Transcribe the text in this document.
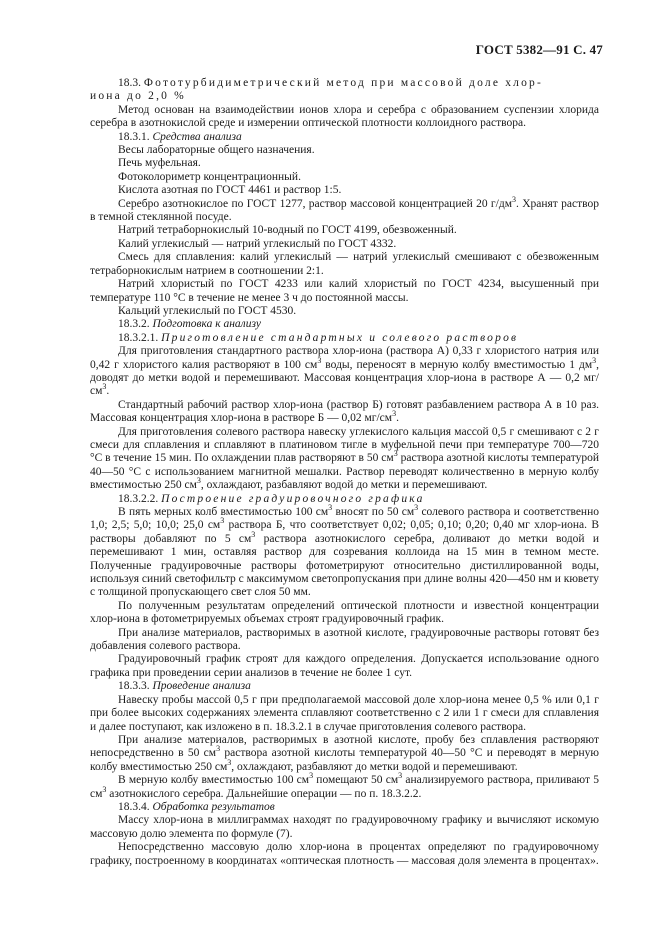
ГОСТ 5382—91 С. 47

18.3. Фототурбидиметрический метод при массовой доле хлор-
иона до 2,0 %

Метод основан на взаимодействии ионов хлора и серебра с образованием суспензии хлорида серебра в азотнокислой среде и измерении оптической плотности коллоидного раствора.

18.3.1. Средства анализа

Весы лабораторные общего назначения.

Печь муфельная.

Фотоколориметр концентрационный.

Кислота азотная по ГОСТ 4461 и раствор 1:5.

Серебро азотнокислое по ГОСТ 1277, раствор массовой концентрацией 20 $г/дм^3$. Хранят раствор в темной стеклянной посуде.

Натрий тетраборнокислый 10-водный по ГОСТ 4199, обезвоженный.

Калий углекислый — натрий углекислый по ГОСТ 4332.

Смесь для сплавления: калий углекислый — натрий углекислый смешивают с обезвоженным тетраборнокислым натрием в соотношении 2:1.

Натрий хлористый по ГОСТ 4233 или калий хлористый по ГОСТ 4234, высушенный при температуре 110 °С в течение не менее 3 ч до постоянной массы.

Кальций углекислый по ГОСТ 4530.

18.3.2. Подготовка к анализу

18.3.2.1. Приготовление стандартных и солевого растворов

Для приготовления стандартного раствора хлор-иона (раствора А) 0,33 г хлористого натрия или 0,42 г хлористого калия растворяют в 100 $см^3$ воды, переносят в мерную колбу вместимостью 1 $дм^3$, доводят до метки водой и перемешивают. Массовая концентрация хлор-иона в растворе А — 0,2 $мг/см^3$.

Стандартный рабочий раствор хлор-иона (раствор Б) готовят разбавлением раствора А в 10 раз. Массовая концентрация хлор-иона в растворе Б — 0,02 $мг/см^3$.

Для приготовления солевого раствора навеску углекислого кальция массой 0,5 г смешивают с 2 г смеси для сплавления и сплавляют в платиновом тигле в муфельной печи при температуре 700—720 °С в течение 15 мин. По охлаждении плав растворяют в 50 $см^3$ раствора азотной кислоты температурой 40—50 °С с использованием магнитной мешалки. Раствор переводят количественно в мерную колбу вместимостью 250 $см^3$, охлаждают, разбавляют водой до метки и перемешивают.

18.3.2.2. Построение градуировочного графика

В пять мерных колб вместимостью 100 $см^3$ вносят по 50 $см^3$ солевого раствора и соответственно 1,0; 2,5; 5,0; 10,0; 25,0 $см^3$ раствора Б, что соответствует 0,02; 0,05; 0,10; 0,20; 0,40 мг хлор-иона. В растворы добавляют по 5 $см^3$ раствора азотнокислого серебра, доливают до метки водой и перемешивают 1 мин, оставляя раствор для созревания коллоида на 15 мин в темном месте. Полученные градуировочные растворы фотометрируют относительно дистиллированной воды, используя синий светофильтр с максимумом светопропускания при длине волны 420—450 нм и кювету с толщиной пропускающего свет слоя 50 мм.

По полученным результатам определений оптической плотности и известной концентрации хлор-иона в фотометрируемых объемах строят градуировочный график.

При анализе материалов, растворимых в азотной кислоте, градуировочные растворы готовят без добавления солевого раствора.

Градуировочный график строят для каждого определения. Допускается использование одного графика при проведении серии анализов в течение не более 1 сут.

18.3.3. Проведение анализа

Навеску пробы массой 0,5 г при предполагаемой массовой доле хлор-иона менее 0,5 % или 0,1 г при более высоких содержаниях элемента сплавляют соответственно с 2 или 1 г смеси для сплавления и далее поступают, как изложено в п. 18.3.2.1 в случае приготовления солевого раствора.

При анализе материалов, растворимых в азотной кислоте, пробу без сплавления растворяют непосредственно в 50 $см^3$ раствора азотной кислоты температурой 40—50 °С и переводят в мерную колбу вместимостью 250 $см^3$, охлаждают, разбавляют до метки водой и перемешивают.

В мерную колбу вместимостью 100 $см^3$ помещают 50 $см^3$ анализируемого раствора, приливают 5 $см^3$ азотнокислого серебра. Дальнейшие операции — по п. 18.3.2.2.

18.3.4. Обработка результатов

Массу хлор-иона в миллиграммах находят по градуировочному графику и вычисляют искомую массовую долю элемента по формуле (7).

Непосредственно массовую долю хлор-иона в процентах определяют по градуировочному графику, построенному в координатах «оптическая плотность — массовая доля элемента в процентах».
